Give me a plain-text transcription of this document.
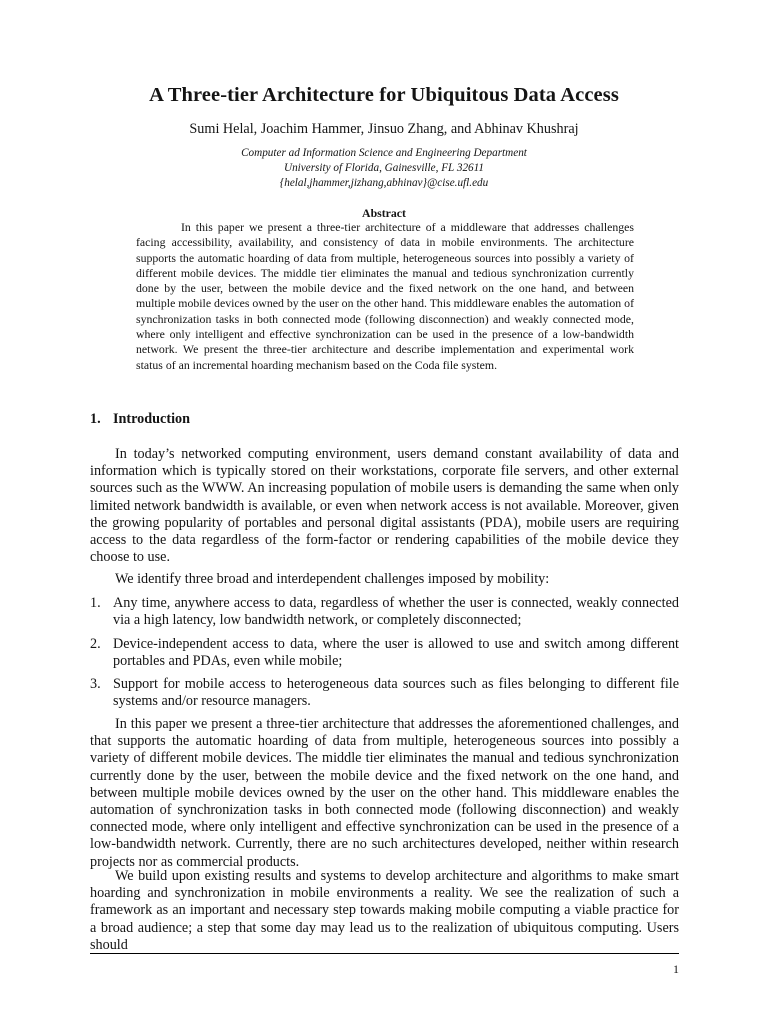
A Three-tier Architecture for Ubiquitous Data Access
Sumi Helal, Joachim Hammer, Jinsuo Zhang, and Abhinav Khushraj
Computer ad Information Science and Engineering Department
University of Florida, Gainesville, FL 32611
{helal,jhammer,jizhang,abhinav}@cise.ufl.edu
Abstract

In this paper we present a three-tier architecture of a middleware that addresses challenges facing accessibility, availability, and consistency of data in mobile environments. The architecture supports the automatic hoarding of data from multiple, heterogeneous sources into possibly a variety of different mobile devices. The middle tier eliminates the manual and tedious synchronization currently done by the user, between the mobile device and the fixed network on the one hand, and between multiple mobile devices owned by the user on the other hand. This middleware enables the automation of synchronization tasks in both connected mode (following disconnection) and weakly connected mode, where only intelligent and effective synchronization can be used in the presence of a low-bandwidth network. We present the three-tier architecture and describe implementation and experimental work status of an incremental hoarding mechanism based on the Coda file system.

1. Introduction

In today’s networked computing environment, users demand constant availability of data and information which is typically stored on their workstations, corporate file servers, and other external sources such as the WWW. An increasing population of mobile users is demanding the same when only limited network bandwidth is available, or even when network access is not available. Moreover, given the growing popularity of portables and personal digital assistants (PDA), mobile users are requiring access to the data regardless of the form-factor or rendering capabilities of the mobile device they choose to use.

We identify three broad and interdependent challenges imposed by mobility:

1. Any time, anywhere access to data, regardless of whether the user is connected, weakly connected via a high latency, low bandwidth network, or completely disconnected;
2. Device-independent access to data, where the user is allowed to use and switch among different portables and PDAs, even while mobile;
3. Support for mobile access to heterogeneous data sources such as files belonging to different file systems and/or resource managers.

In this paper we present a three-tier architecture that addresses the aforementioned challenges, and that supports the automatic hoarding of data from multiple, heterogeneous sources into possibly a variety of different mobile devices. The middle tier eliminates the manual and tedious synchronization currently done by the user, between the mobile device and the fixed network on the one hand, and between multiple mobile devices owned by the user on the other hand. This middleware enables the automation of synchronization tasks in both connected mode (following disconnection) and weakly connected mode, where only intelligent and effective synchronization can be used in the presence of a low-bandwidth network. Currently, there are no such architectures developed, neither within research projects nor as commercial products.

We build upon existing results and systems to develop architecture and algorithms to make smart hoarding and synchronization in mobile environments a reality. We see the realization of such a framework as an important and necessary step towards making mobile computing a viable practice for a broad audience; a step that some day may lead us to the realization of ubiquitous computing. Users should

1
